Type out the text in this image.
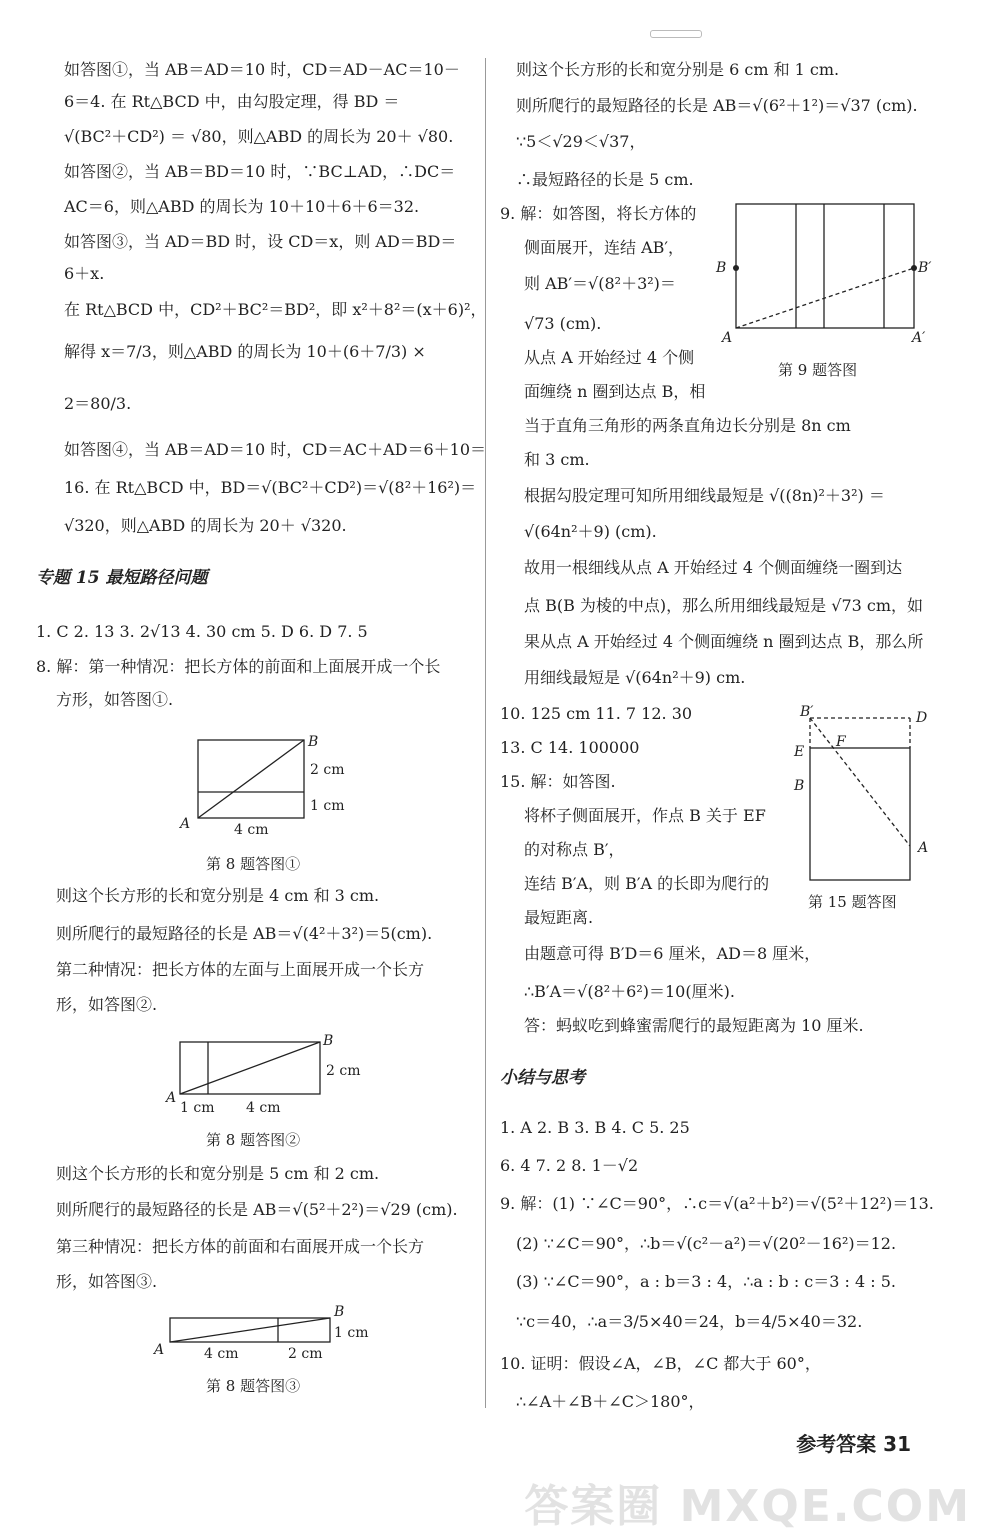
如答图①，当 AB＝AD＝10 时，CD＝AD－AC＝10－
6＝4. 在 Rt△BCD 中，由勾股定理，得 BD ＝
√(BC²＋CD²) ＝ √80，则△ABD 的周长为 20＋ √80.
如答图②，当 AB＝BD＝10 时，∵BC⊥AD，∴DC＝
AC＝6，则△ABD 的周长为 10＋10＋6＋6＝32.
如答图③，当 AD＝BD 时，设 CD＝x，则 AD＝BD＝
6＋x.
在 Rt△BCD 中，CD²＋BC²＝BD²，即 x²＋8²＝(x＋6)²，
解得 x＝7/3，则△ABD 的周长为 10＋(6＋7/3) ×
2＝80/3.
如答图④，当 AB＝AD＝10 时，CD＝AC＋AD＝6＋10＝
16. 在 Rt△BCD 中，BD＝√(BC²＋CD²)＝√(8²＋16²)＝
√320，则△ABD 的周长为 20＋ √320.
专题 15 最短路径问题
1. C 2. 13 3. 2√13 4. 30 cm 5. D 6. D 7. 5
8. 解：第一种情况：把长方体的前面和上面展开成一个长
方形，如答图①.
A
B
2 cm
1 cm
4 cm
第 8 题答图①
则这个长方形的长和宽分别是 4 cm 和 3 cm.
则所爬行的最短路径的长是 AB＝√(4²＋3²)＝5(cm).
第二种情况：把长方体的左面与上面展开成一个长方
形，如答图②.
A
B
2 cm
1 cm 4 cm
第 8 题答图②
则这个长方形的长和宽分别是 5 cm 和 2 cm.
则所爬行的最短路径的长是 AB＝√(5²＋2²)＝√29 (cm).
第三种情况：把长方体的前面和右面展开成一个长方
形，如答图③.
A
B
1 cm
4 cm	2 cm
第 8 题答图③
则这个长方形的长和宽分别是 6 cm 和 1 cm.
则所爬行的最短路径的长是 AB＝√(6²＋1²)＝√37 (cm).
∵5＜√29＜√37，
∴最短路径的长是 5 cm.
9. 解：如答图，将长方体的
侧面展开，连结 AB′，
则 AB′＝√(8²＋3²)＝
√73 (cm).
从点 A 开始经过 4 个侧
面缠绕 n 圈到达点 B，相
B	B′
A	A′
第 9 题答图
当于直角三角形的两条直角边长分别是 8n cm
和 3 cm.
根据勾股定理可知所用细线最短是 √((8n)²＋3²) ＝
√(64n²＋9) (cm).
故用一根细线从点 A 开始经过 4 个侧面缠绕一圈到达
点 B(B 为棱的中点)，那么所用细线最短是 √73 cm，如
果从点 A 开始经过 4 个侧面缠绕 n 圈到达点 B，那么所
用细线最短是 √(64n²＋9) cm.
10. 125 cm 11. 7 12. 30
13. C 14. 100000
15. 解：如答图.
将杯子侧面展开，作点 B 关于 EF
的对称点 B′，
连结 B′A，则 B′A 的长即为爬行的
最短距离.
B′	D
E
F
B
A
第 15 题答图
由题意可得 B′D＝6 厘米，AD＝8 厘米，
∴B′A＝√(8²＋6²)＝10(厘米).
答：蚂蚁吃到蜂蜜需爬行的最短距离为 10 厘米.
小结与思考
1. A 2. B 3. B 4. C 5. 25
6. 4 7. 2 8. 1－√2
9. 解：(1) ∵∠C＝90°，∴c＝√(a²＋b²)＝√(5²＋12²)＝13.
(2) ∵∠C＝90°，∴b＝√(c²－a²)＝√(20²－16²)＝12.
(3) ∵∠C＝90°，a : b＝3 : 4，∴a : b : c＝3 : 4 : 5.
∵c＝40，∴a＝3/5×40＝24，b＝4/5×40＝32.
10. 证明：假设∠A，∠B，∠C 都大于 60°，
∴∠A＋∠B＋∠C＞180°，
参考答案 31
答案圈 MXQE.COM
